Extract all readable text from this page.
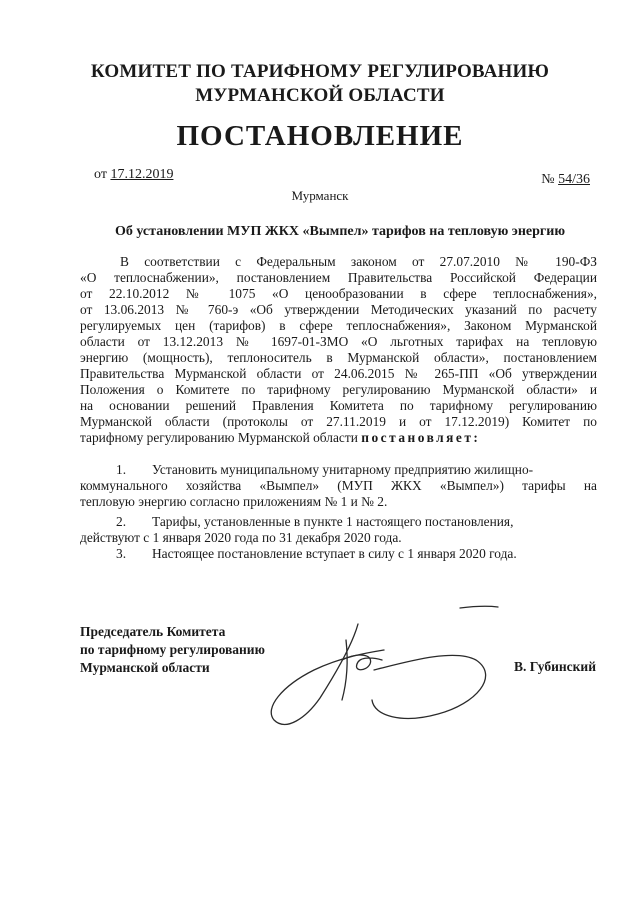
КОМИТЕТ ПО ТАРИФНОМУ РЕГУЛИРОВАНИЮ
МУРМАНСКОЙ ОБЛАСТИ
ПОСТАНОВЛЕНИЕ
от 17.12.2019	№ 54/36
Мурманск
Об установлении МУП ЖКХ «Вымпел» тарифов на тепловую энергию
В соответствии с Федеральным законом от 27.07.2010 № 190-ФЗ
«О теплоснабжении», постановлением Правительства Российской Федерации
от 22.10.2012 № 1075 «О ценообразовании в сфере теплоснабжения»,
от 13.06.2013 № 760-э «Об утверждении Методических указаний по расчету
регулируемых цен (тарифов) в сфере теплоснабжения», Законом Мурманской
области от 13.12.2013 № 1697-01-ЗМО «О льготных тарифах на тепловую
энергию (мощность), теплоноситель в Мурманской области», постановлением
Правительства Мурманской области от 24.06.2015 № 265-ПП «Об утверждении
Положения о Комитете по тарифному регулированию Мурманской области» и
на основании решений Правления Комитета по тарифному регулированию
Мурманской области (протоколы от 27.11.2019 и от 17.12.2019) Комитет по
тарифному регулированию Мурманской области постановляет:
1. Установить муниципальному унитарному предприятию жилищно-
коммунального хозяйства «Вымпел» (МУП ЖКХ «Вымпел») тарифы на
тепловую энергию согласно приложениям № 1 и № 2.
2. Тарифы, установленные в пункте 1 настоящего постановления,
действуют с 1 января 2020 года по 31 декабря 2020 года.
3. Настоящее постановление вступает в силу с 1 января 2020 года.
Председатель Комитета
по тарифному регулированию
Мурманской области	В. Губинский
